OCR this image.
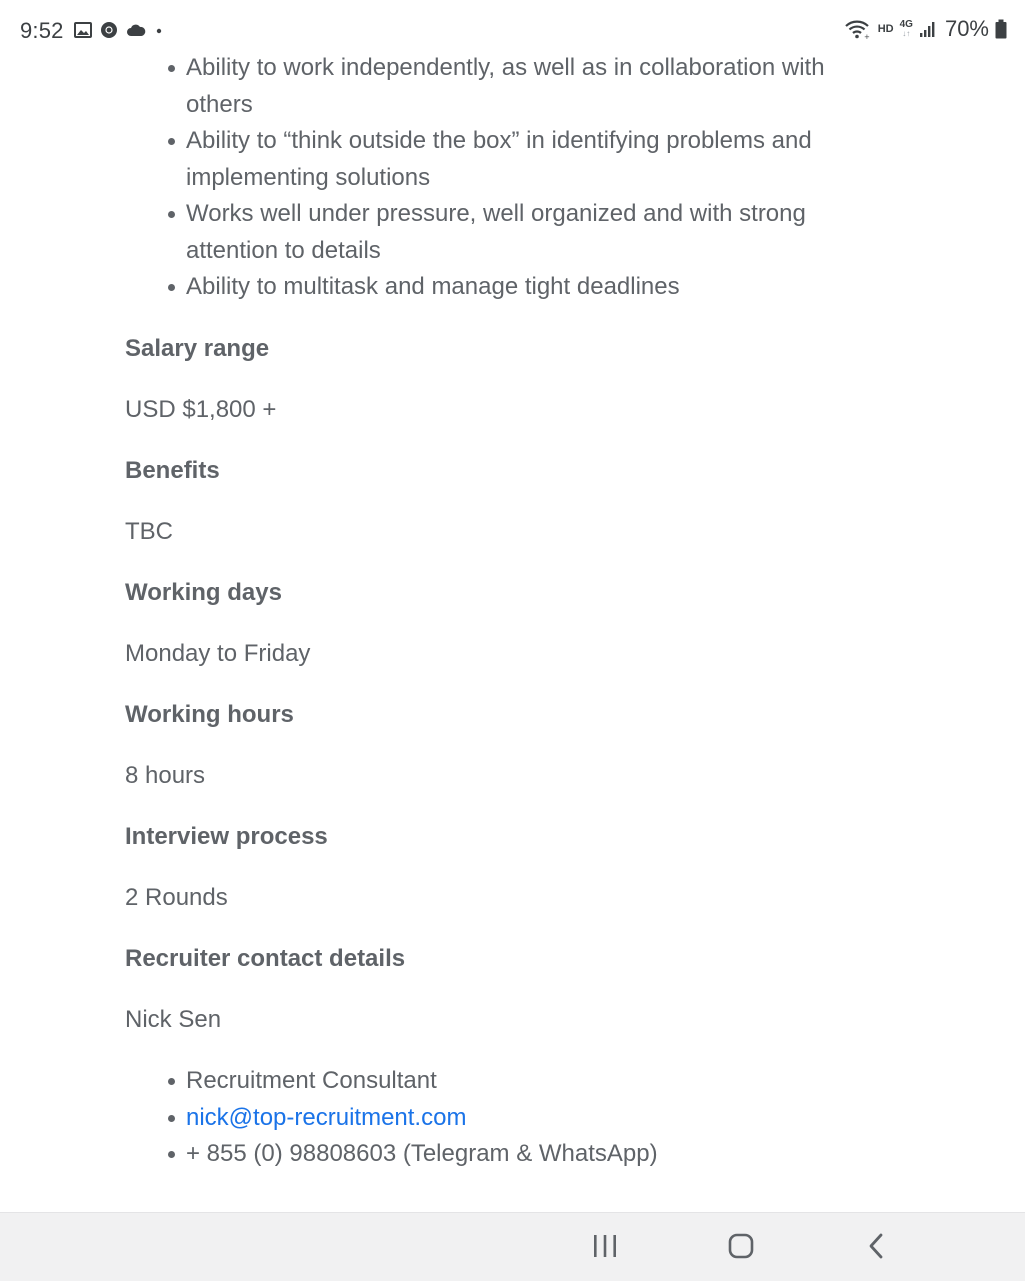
9:52	+
HD 4G
↓↑ 70%
Ability to work independently, as well as in collaboration with others
Ability to “think outside the box” in identifying problems and implementing solutions
Works well under pressure, well organized and with strong attention to details
Ability to multitask and manage tight deadlines
Salary range

USD $1,800 +

Benefits

TBC

Working days

Monday to Friday

Working hours

8 hours

Interview process

2 Rounds

Recruiter contact details

Nick Sen

Recruitment Consultant
nick@top-recruitment.com
+ 855 (0) 98808603 (Telegram & WhatsApp)
